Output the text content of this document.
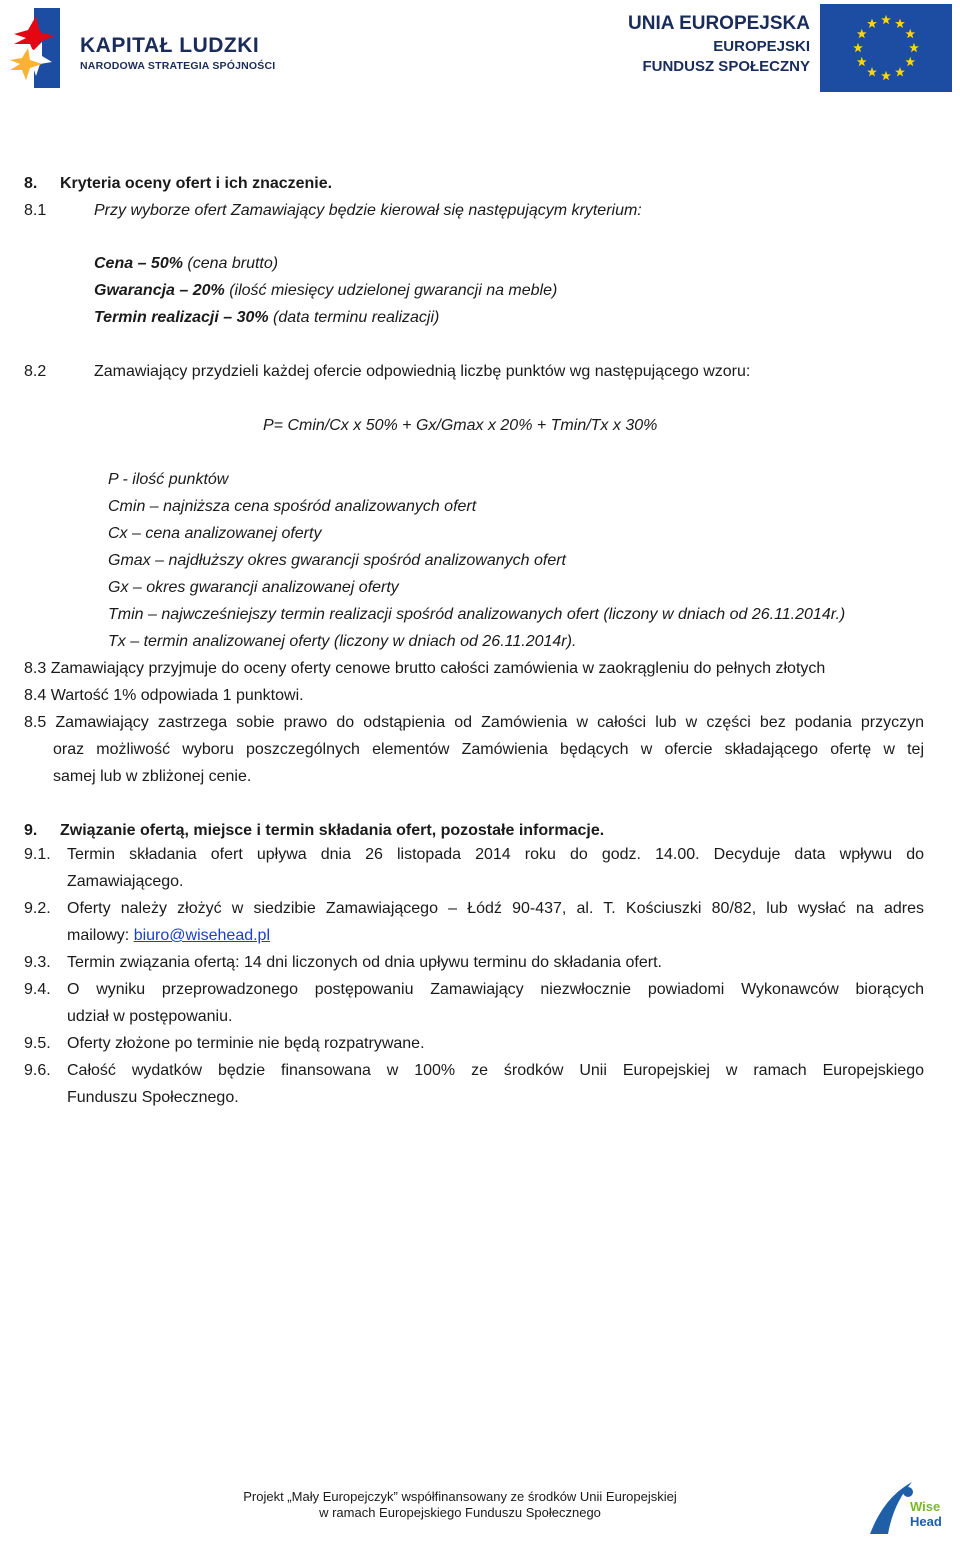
KAPITAŁ LUDZKI
NARODOWA STRATEGIA SPÓJNOŚCI
UNIA EUROPEJSKA
EUROPEJSKI
FUNDUSZ SPOŁECZNY
8. Kryteria oceny ofert i ich znaczenie.
8.1	Przy wyborze ofert Zamawiający będzie kierował się następującym kryterium:
Cena – 50% (cena brutto)
Gwarancja – 20% (ilość miesięcy udzielonej gwarancji na meble)
Termin realizacji – 30% (data terminu realizacji)
8.2	Zamawiający przydzieli każdej ofercie odpowiednią liczbę punktów wg następującego wzoru:
P= Cmin/Cx x 50% + Gx/Gmax x 20% + Tmin/Tx x 30%
P - ilość punktów
Cmin – najniższa cena spośród analizowanych ofert
Cx – cena analizowanej oferty
Gmax – najdłuższy okres gwarancji spośród analizowanych ofert
Gx – okres gwarancji analizowanej oferty
Tmin – najwcześniejszy termin realizacji spośród analizowanych ofert (liczony w dniach od 26.11.2014r.)
Tx – termin analizowanej oferty (liczony w dniach od 26.11.2014r).
8.3 Zamawiający przyjmuje do oceny oferty cenowe brutto całości zamówienia w zaokrągleniu do pełnych złotych
8.4 Wartość 1% odpowiada 1 punktowi.
8.5 Zamawiający zastrzega sobie prawo do odstąpienia od Zamówienia w całości lub w części bez podania przyczyn
oraz możliwość wyboru poszczególnych elementów Zamówienia będących w ofercie składającego ofertę w tej
samej lub w zbliżonej cenie.
9. Związanie ofertą, miejsce i termin składania ofert, pozostałe informacje.
9.1. Termin składania ofert upływa dnia 26 listopada 2014 roku do godz. 14.00. Decyduje data wpływu do
Zamawiającego.
9.2. Oferty należy złożyć w siedzibie Zamawiającego – Łódź 90-437, al. T. Kościuszki 80/82, lub wysłać na adres
mailowy: biuro@wisehead.pl
9.3. Termin związania ofertą: 14 dni liczonych od dnia upływu terminu do składania ofert.
9.4. O wyniku przeprowadzonego postępowaniu Zamawiający niezwłocznie powiadomi Wykonawców biorących
udział w postępowaniu.
9.5. Oferty złożone po terminie nie będą rozpatrywane.
9.6. Całość wydatków będzie finansowana w 100% ze środków Unii Europejskiej w ramach Europejskiego
Funduszu Społecznego.
Projekt „Mały Europejczyk” współfinansowany ze środków Unii Europejskiej
w ramach Europejskiego Funduszu Społecznego	Wise
Head
